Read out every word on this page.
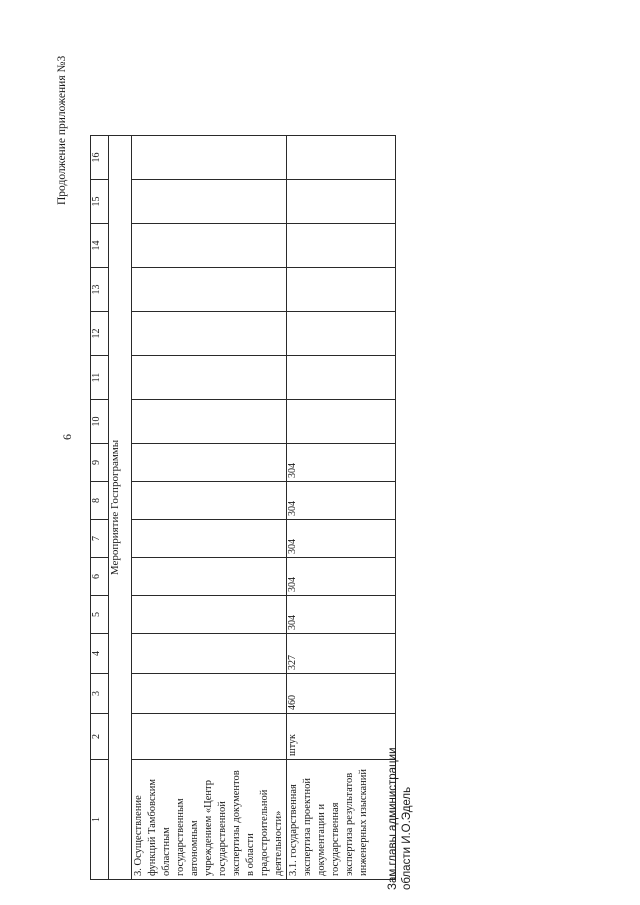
6
Продолжение приложения №3
1	2	3	4	5	6	7	8	9	10	11	12	13	14	15	16
Мероприятие Госпрограммы															
3. Осуществление функций Тамбовским областным государственным автономным учреждением «Центр государственной экспертизы документов в области градостроительной деятельности»															
3.1. государственная экспертиза проектной документации и государственная экспертиза результатов инженерных изысканий	штук	460	327	304	304	304	304	304							
Зам.главы администрации области И.О.Эдель
